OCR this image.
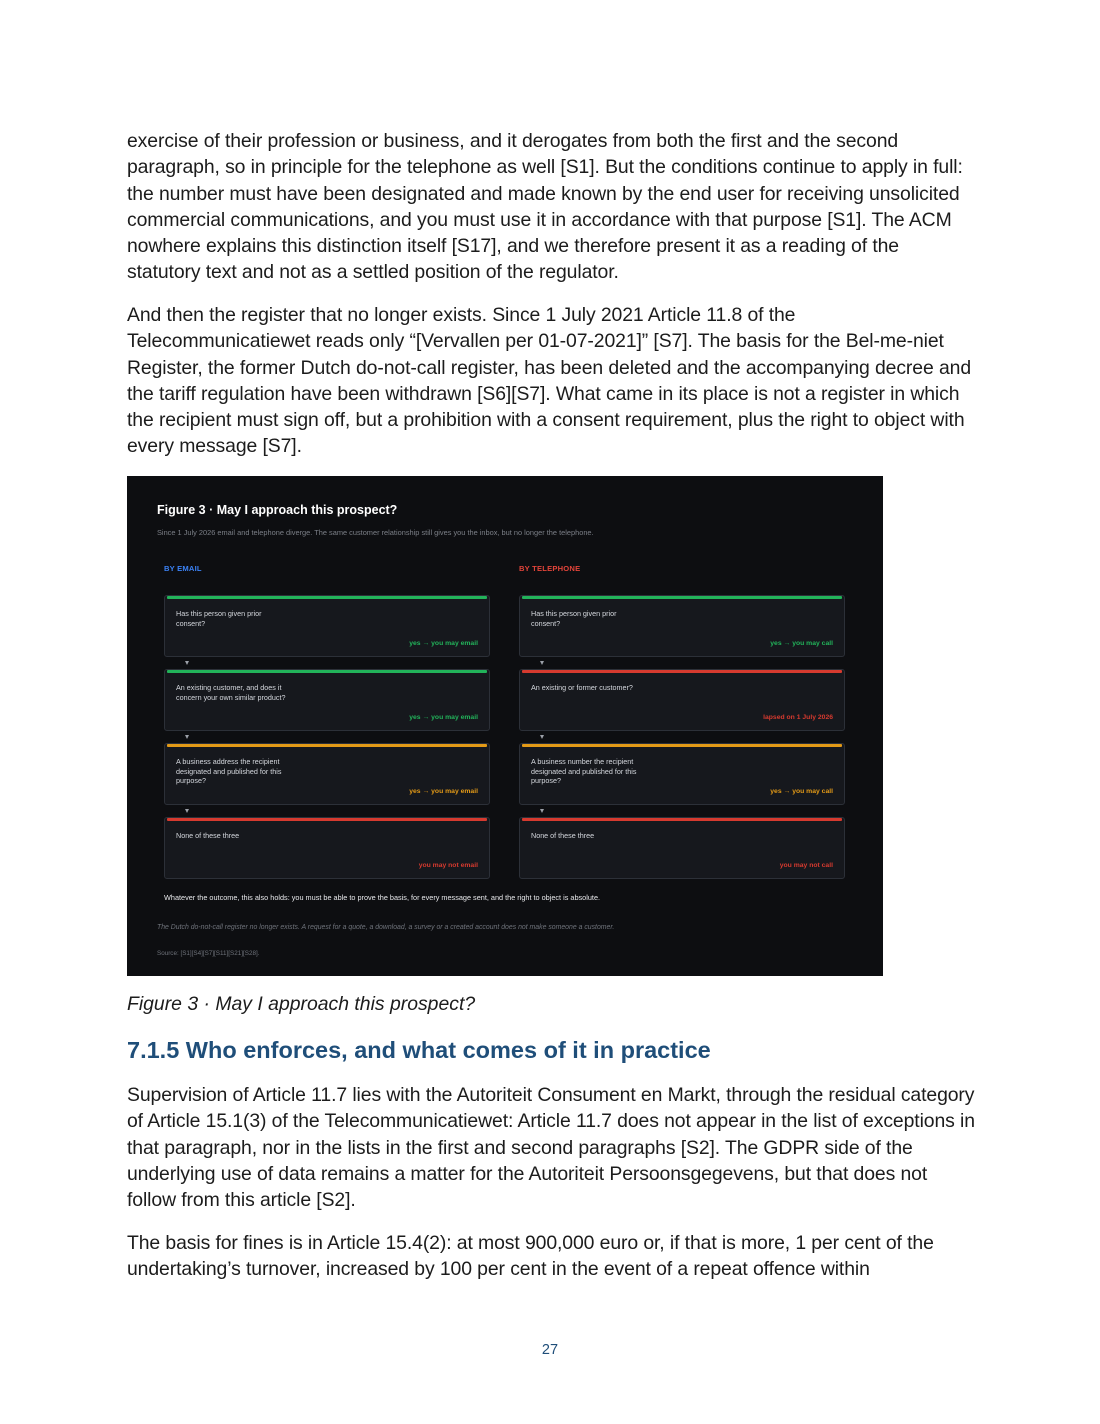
exercise of their profession or business, and it derogates from both the first and the second paragraph, so in principle for the telephone as well [S1]. But the conditions continue to apply in full: the number must have been designated and made known by the end user for receiving unsolicited commercial communications, and you must use it in accordance with that purpose [S1]. The ACM nowhere explains this distinction itself [S17], and we therefore present it as a reading of the statutory text and not as a settled position of the regulator.

And then the register that no longer exists. Since 1 July 2021 Article 11.8 of the Telecommunicatiewet reads only “[Vervallen per 01-07-2021]” [S7]. The basis for the Bel-me-niet Register, the former Dutch do-not-call register, has been deleted and the accompanying decree and the tariff regulation have been withdrawn [S6][S7]. What came in its place is not a register in which the recipient must sign off, but a prohibition with a consent requirement, plus the right to object with every message [S7].

Figure 3 · May I approach this prospect?
Since 1 July 2026 email and telephone diverge. The same customer relationship still gives you the inbox, but no longer the telephone.
BY EMAIL	BY TELEPHONE
Has this person given prior consent?
yes → you may email
An existing customer, and does it concern your own similar product?
yes → you may email
A business address the recipient designated and published for this purpose?
yes → you may email
None of these three
you may not email
Has this person given prior consent?
yes → you may call
An existing or former customer?
lapsed on 1 July 2026
A business number the recipient designated and published for this purpose?
yes → you may call
None of these three
you may not call
Whatever the outcome, this also holds: you must be able to prove the basis, for every message sent, and the right to object is absolute.
The Dutch do-not-call register no longer exists. A request for a quote, a download, a survey or a created account does not make someone a customer.
Source: [S1][S4][S7][S11][S21][S28].
Figure 3 · May I approach this prospect?
7.1.5 Who enforces, and what comes of it in practice

Supervision of Article 11.7 lies with the Autoriteit Consument en Markt, through the residual category of Article 15.1(3) of the Telecommunicatiewet: Article 11.7 does not appear in the list of exceptions in that paragraph, nor in the lists in the first and second paragraphs [S2]. The GDPR side of the underlying use of data remains a matter for the Autoriteit Persoonsgegevens, but that does not follow from this article [S2].

The basis for fines is in Article 15.4(2): at most 900,000 euro or, if that is more, 1 per cent of the undertaking’s turnover, increased by 100 per cent in the event of a repeat offence within

27
